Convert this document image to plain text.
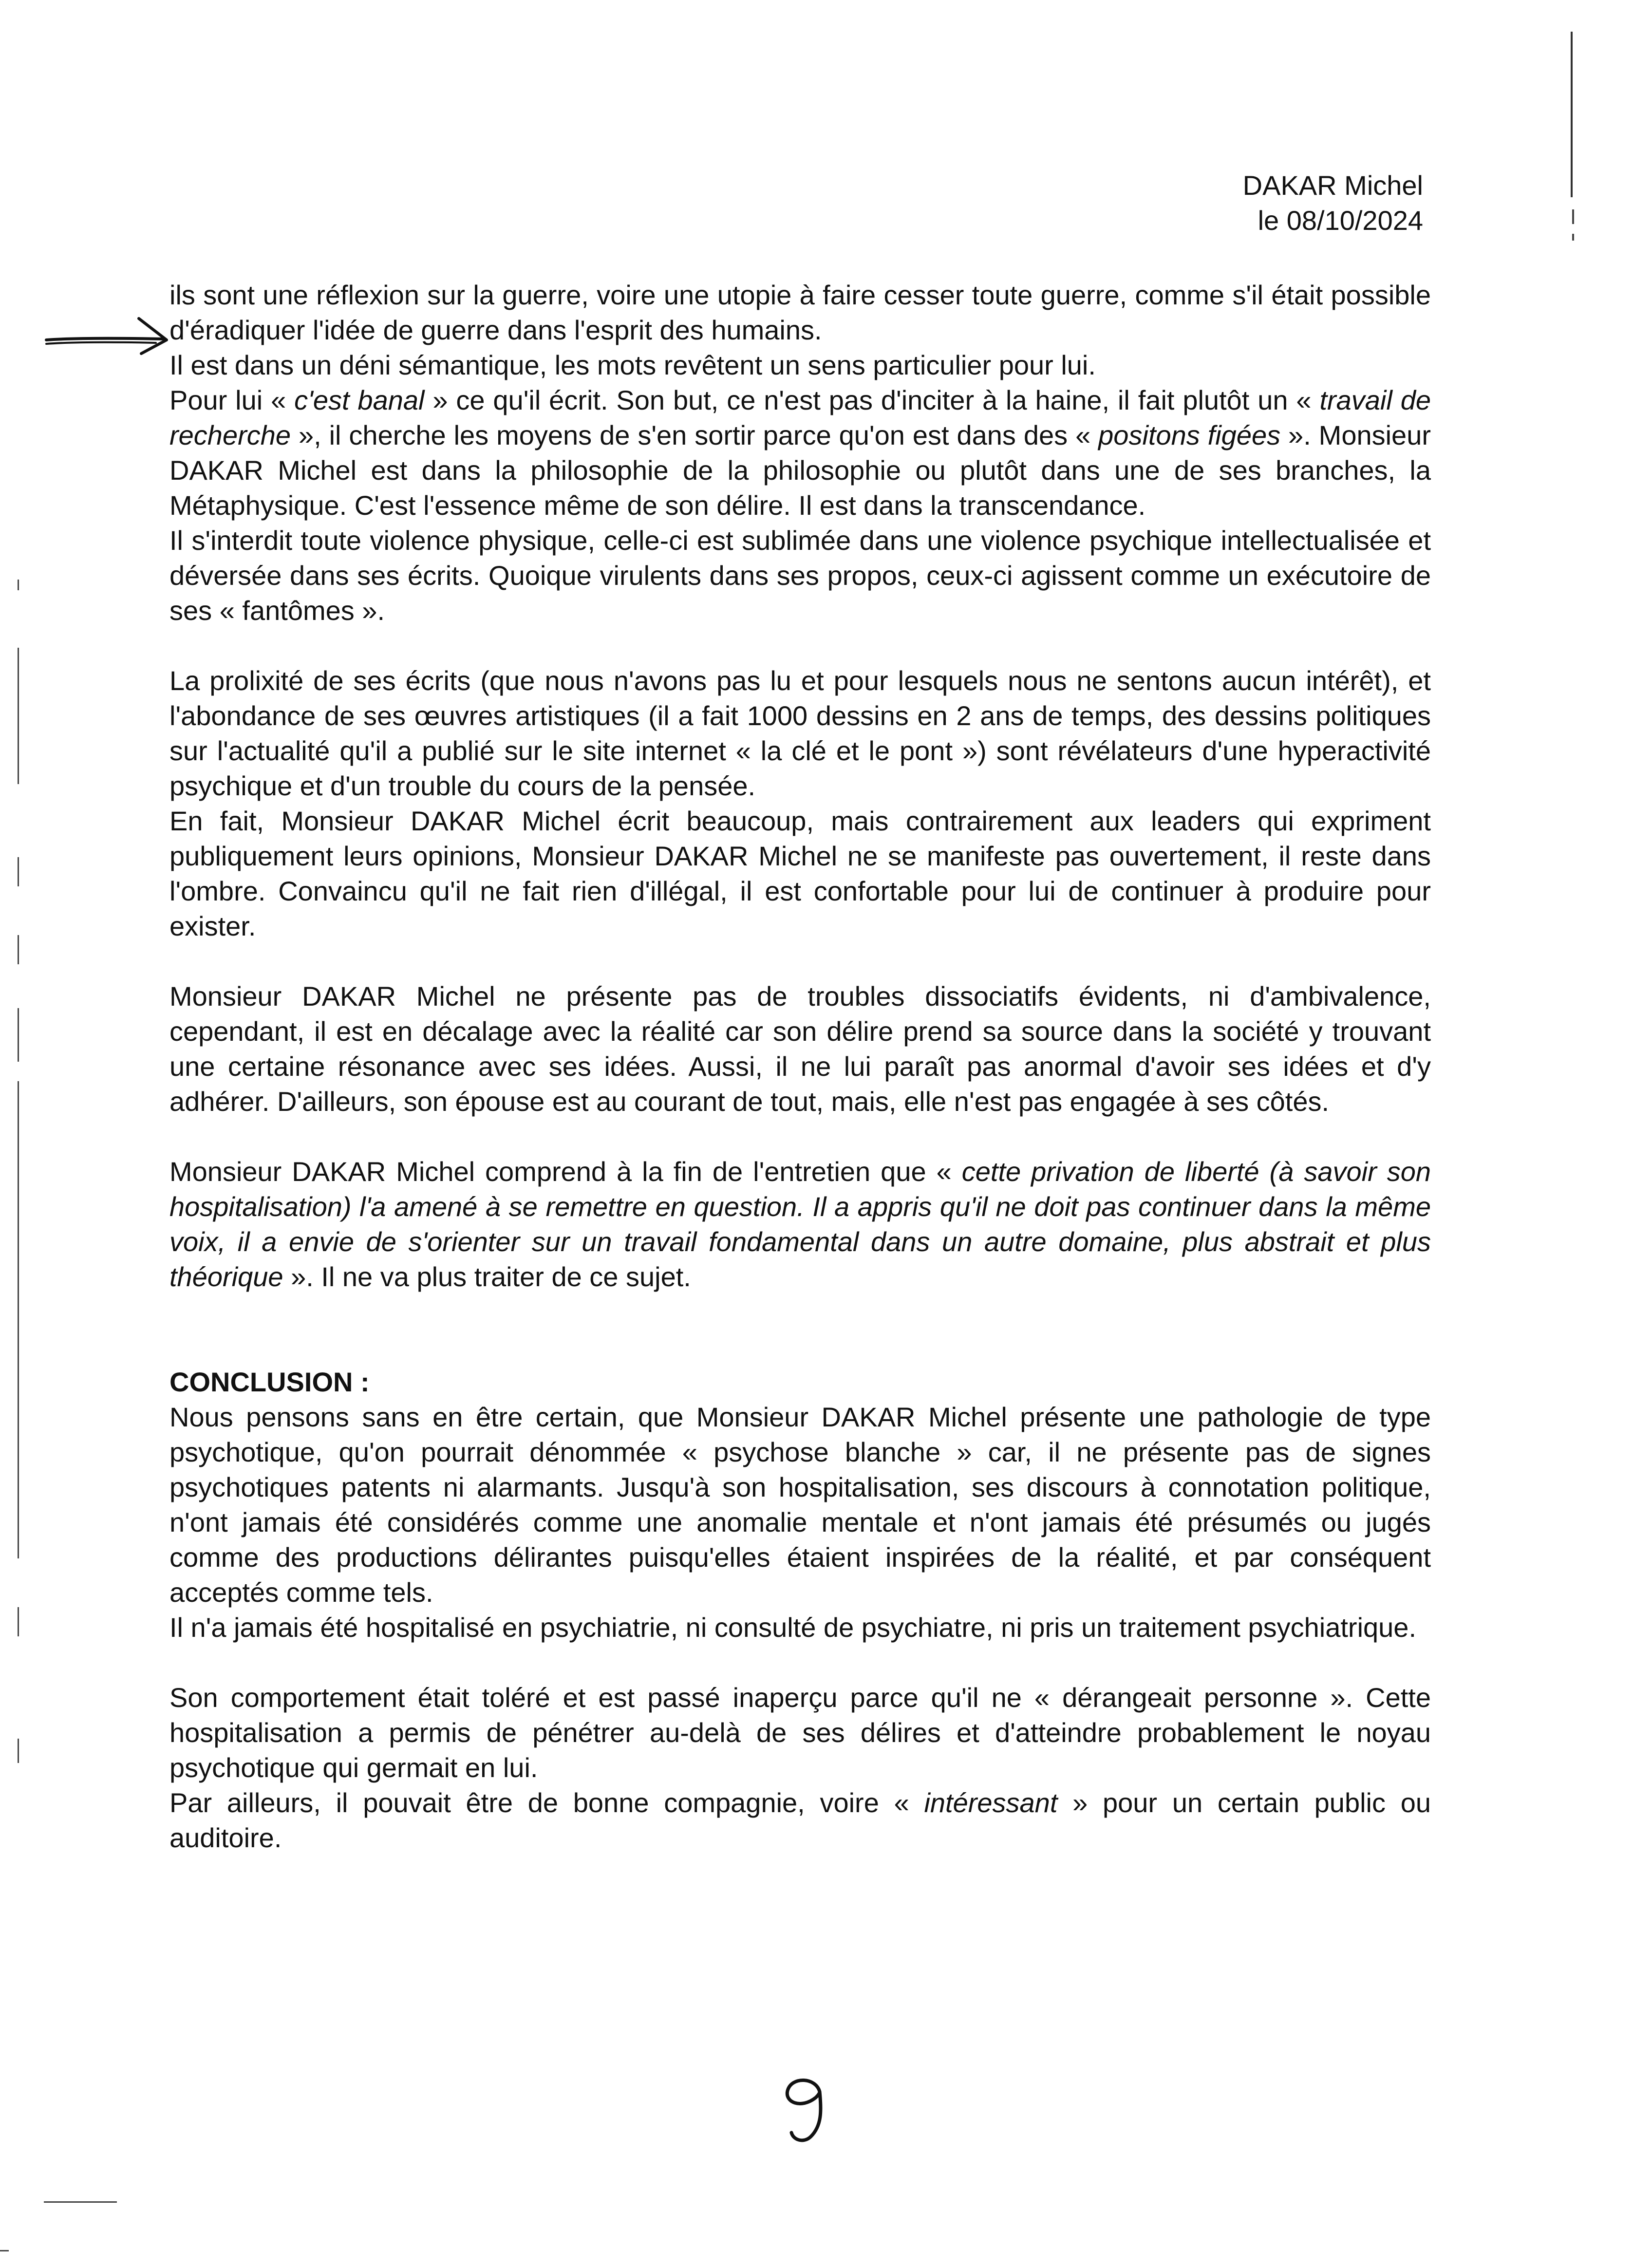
DAKAR Michel
le 08/10/2024

ils sont une réflexion sur la guerre, voire une utopie à faire cesser toute guerre, comme s'il était possible d'éradiquer l'idée de guerre dans l'esprit des humains.

Il est dans un déni sémantique, les mots revêtent un sens particulier pour lui.

Pour lui « c'est banal » ce qu'il écrit. Son but, ce n'est pas d'inciter à la haine, il fait plutôt un « travail de recherche », il cherche les moyens de s'en sortir parce qu'on est dans des « positons figées ». Monsieur DAKAR Michel est dans la philosophie de la philosophie ou plutôt dans une de ses branches, la Métaphysique. C'est l'essence même de son délire. Il est dans la transcendance.

Il s'interdit toute violence physique, celle-ci est sublimée dans une violence psychique intellectualisée et déversée dans ses écrits. Quoique virulents dans ses propos, ceux-ci agissent comme un exécutoire de ses « fantômes ».

La prolixité de ses écrits (que nous n'avons pas lu et pour lesquels nous ne sentons aucun intérêt), et l'abondance de ses œuvres artistiques (il a fait 1000 dessins en 2 ans de temps, des dessins politiques sur l'actualité qu'il a publié sur le site internet « la clé et le pont ») sont révélateurs d'une hyperactivité psychique et d'un trouble du cours de la pensée.

En fait, Monsieur DAKAR Michel écrit beaucoup, mais contrairement aux leaders qui expriment publiquement leurs opinions, Monsieur DAKAR Michel ne se manifeste pas ouvertement, il reste dans l'ombre. Convaincu qu'il ne fait rien d'illégal, il est confortable pour lui de continuer à produire pour exister.

Monsieur DAKAR Michel ne présente pas de troubles dissociatifs évidents, ni d'ambivalence, cependant, il est en décalage avec la réalité car son délire prend sa source dans la société y trouvant une certaine résonance avec ses idées. Aussi, il ne lui paraît pas anormal d'avoir ses idées et d'y adhérer. D'ailleurs, son épouse est au courant de tout, mais, elle n'est pas engagée à ses côtés.

Monsieur DAKAR Michel comprend à la fin de l'entretien que « cette privation de liberté (à savoir son hospitalisation) l'a amené à se remettre en question. Il a appris qu'il ne doit pas continuer dans la même voix, il a envie de s'orienter sur un travail fondamental dans un autre domaine, plus abstrait et plus théorique ». Il ne va plus traiter de ce sujet.

CONCLUSION :

Nous pensons sans en être certain, que Monsieur DAKAR Michel présente une pathologie de type psychotique, qu'on pourrait dénommée « psychose blanche » car, il ne présente pas de signes psychotiques patents ni alarmants. Jusqu'à son hospitalisation, ses discours à connotation politique, n'ont jamais été considérés comme une anomalie mentale et n'ont jamais été présumés ou jugés comme des productions délirantes puisqu'elles étaient inspirées de la réalité, et par conséquent acceptés comme tels.

Il n'a jamais été hospitalisé en psychiatrie, ni consulté de psychiatre, ni pris un traitement psychiatrique.

Son comportement était toléré et est passé inaperçu parce qu'il ne « dérangeait personne ». Cette hospitalisation a permis de pénétrer au-delà de ses délires et d'atteindre probablement le noyau psychotique qui germait en lui.

Par ailleurs, il pouvait être de bonne compagnie, voire « intéressant » pour un certain public ou auditoire.

9
